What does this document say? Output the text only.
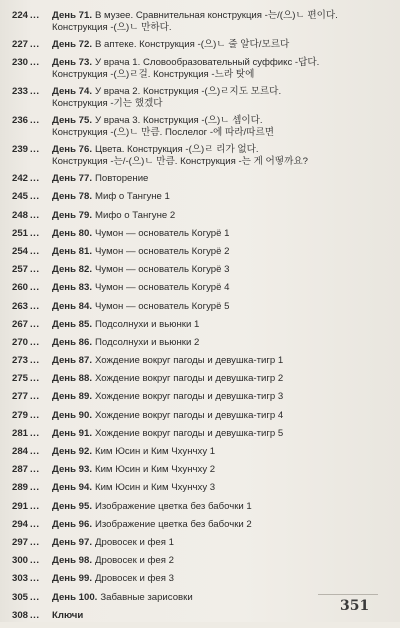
224 ...	День 71. В музее. Сравнительная конструкция -는/(으)ㄴ 편이다.
Конструкция -(으)ㄴ 만하다.
227 ...	День 72. В аптеке. Конструкция -(으)ㄴ 줄 알다/모르다
230 ...	День 73. У врача 1. Словообразовательный суффикс -답다.
Конструкция -(으)ㄹ걸. Конструкция -느라 탓에
233 ...	День 74. У врача 2. Конструкция -(으)ㄹ지도 모르다.
Конструкция -기는 했겠다
236 ...	День 75. У врача 3. Конструкция -(으)ㄴ 셈이다.
Конструкция -(으)ㄴ 만큼. Послелог -에 따라/따르면
239 ...	День 76. Цвета. Конструкция -(으)ㄹ 리가 없다.
Конструкция -는/-(으)ㄴ 만큼. Конструкция -는 게 어떻까요?
242 ...	День 77. Повторение
245 ...	День 78. Миф о Тангуне 1
248 ...	День 79. Мифо о Тангуне 2
251 ...	День 80. Чумон — основатель Когурё 1
254 ...	День 81. Чумон — основатель Когурё 2
257 ...	День 82. Чумон — основатель Когурё 3
260 ...	День 83. Чумон — основатель Когурё 4
263 ...	День 84. Чумон — основатель Когурё 5
267 ...	День 85. Подсолнухи и вьюнки 1
270 ...	День 86. Подсолнухи и вьюнки 2
273 ...	День 87. Хождение вокруг пагоды и девушка-тигр 1
275 ...	День 88. Хождение вокруг пагоды и девушка-тигр 2
277 ...	День 89. Хождение вокруг пагоды и девушка-тигр 3
279 ...	День 90. Хождение вокруг пагоды и девушка-тигр 4
281 ...	День 91. Хождение вокруг пагоды и девушка-тигр 5
284 ...	День 92. Ким Юсин и Ким Чхунчху 1
287 ...	День 93. Ким Юсин и Ким Чхунчху 2
289 ...	День 94. Ким Юсин и Ким Чхунчху 3
291 ...	День 95. Изображение цветка без бабочки 1
294 ...	День 96. Изображение цветка без бабочки 2
297 ...	День 97. Дровосек и фея 1
300 ...	День 98. Дровосек и фея 2
303 ...	День 99. Дровосек и фея 3
305 ...	День 100. Забавные зарисовки
308 ...	Ключи
351
